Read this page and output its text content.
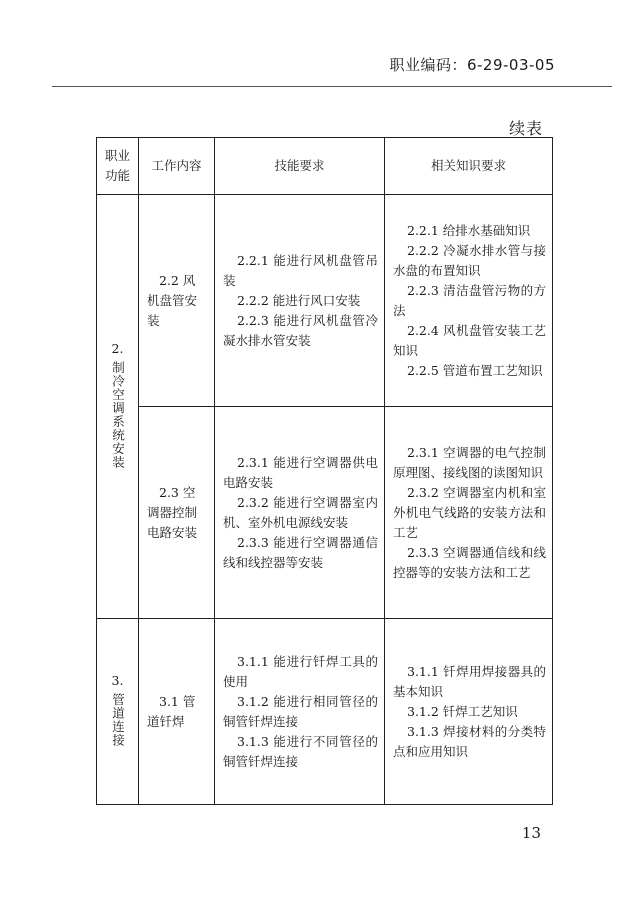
职业编码：6-29-03-05
续表
职业
功能	工作内容	技能要求	相关知识要求

2.
制冷空调系统安装	2.2 风机盘管安装	2.2.1 能进行风机盘管吊装
2.2.2 能进行风口安装
2.2.3 能进行风机盘管冷凝水排水管安装	2.2.1 给排水基础知识
2.2.2 冷凝水排水管与接水盘的布置知识
2.2.3 清洁盘管污物的方法
2.2.4 风机盘管安装工艺知识
2.2.5 管道布置工艺知识

	2.3 空调器控制电路安装	2.3.1 能进行空调器供电电路安装
2.3.2 能进行空调器室内机、室外机电源线安装
2.3.3 能进行空调器通信线和线控器等安装	2.3.1 空调器的电气控制原理图、接线图的读图知识
2.3.2 空调器室内机和室外机电气线路的安装方法和工艺
2.3.3 空调器通信线和线控器等的安装方法和工艺

3.
管道连接	3.1 管道钎焊	3.1.1 能进行钎焊工具的使用
3.1.2 能进行相同管径的铜管钎焊连接
3.1.3 能进行不同管径的铜管钎焊连接	3.1.1 钎焊用焊接器具的基本知识
3.1.2 钎焊工艺知识
3.1.3 焊接材料的分类特点和应用知识
13
